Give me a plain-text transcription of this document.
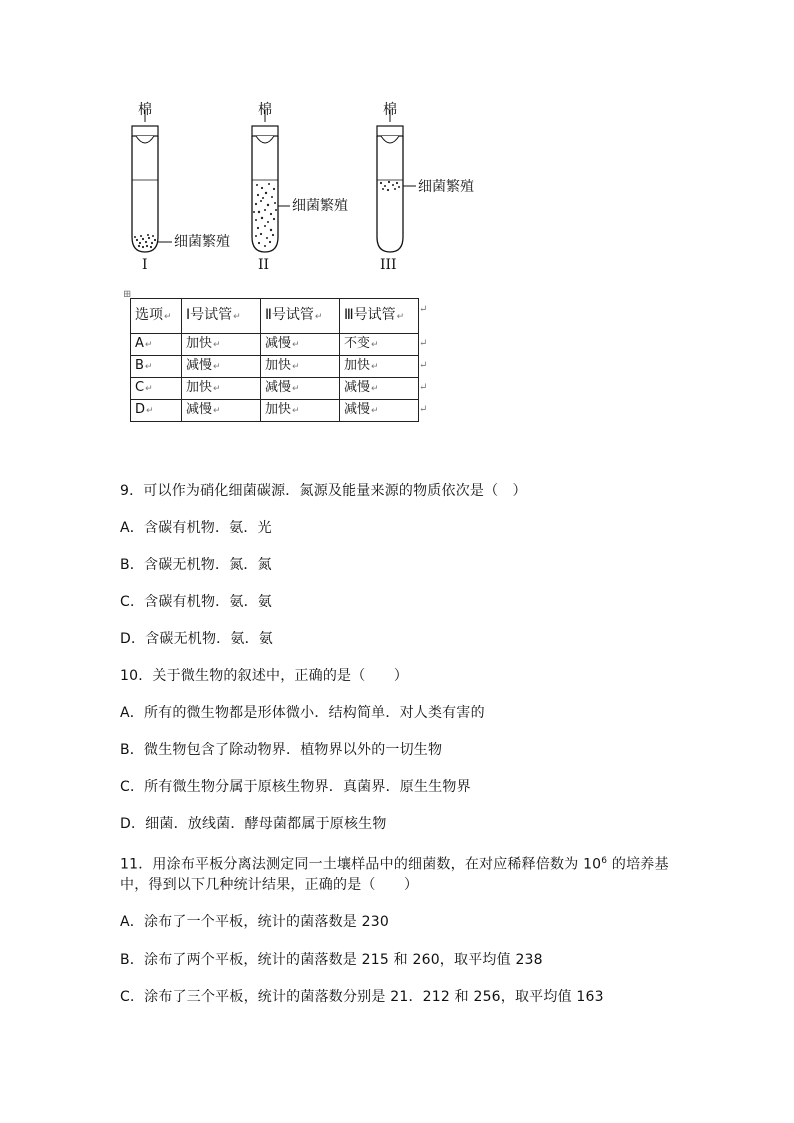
棉	棉	棉
细菌繁殖
细菌繁殖
细菌繁殖
I	II	III
⊞
选项↵	Ⅰ号试管↵	Ⅱ号试管↵	Ⅲ号试管↵
A↵	加快↵	减慢↵	不变↵
B↵	减慢↵	加快↵	加快↵
C↵	加快↵	减慢↵	减慢↵
D↵	减慢↵	加快↵	减慢↵
↵
↵
↵
↵
↵
9．可以作为硝化细菌碳源．氮源及能量来源的物质依次是（　）
A．含碳有机物．氨．光
B．含碳无机物．氮．氮
C．含碳有机物．氨．氨
D．含碳无机物．氨．氨
10．关于微生物的叙述中，正确的是（　　）
A．所有的微生物都是形体微小．结构简单．对人类有害的
B．微生物包含了除动物界．植物界以外的一切生物
C．所有微生物分属于原核生物界．真菌界．原生生物界
D．细菌．放线菌．酵母菌都属于原核生物
11．用涂布平板分离法测定同一土壤样品中的细菌数，在对应稀释倍数为 $10^6$ 的培养基
中，得到以下几种统计结果，正确的是（　　）
A．涂布了一个平板，统计的菌落数是 230
B．涂布了两个平板，统计的菌落数是 215 和 260，取平均值 238
C．涂布了三个平板，统计的菌落数分别是 21．212 和 256，取平均值 163
